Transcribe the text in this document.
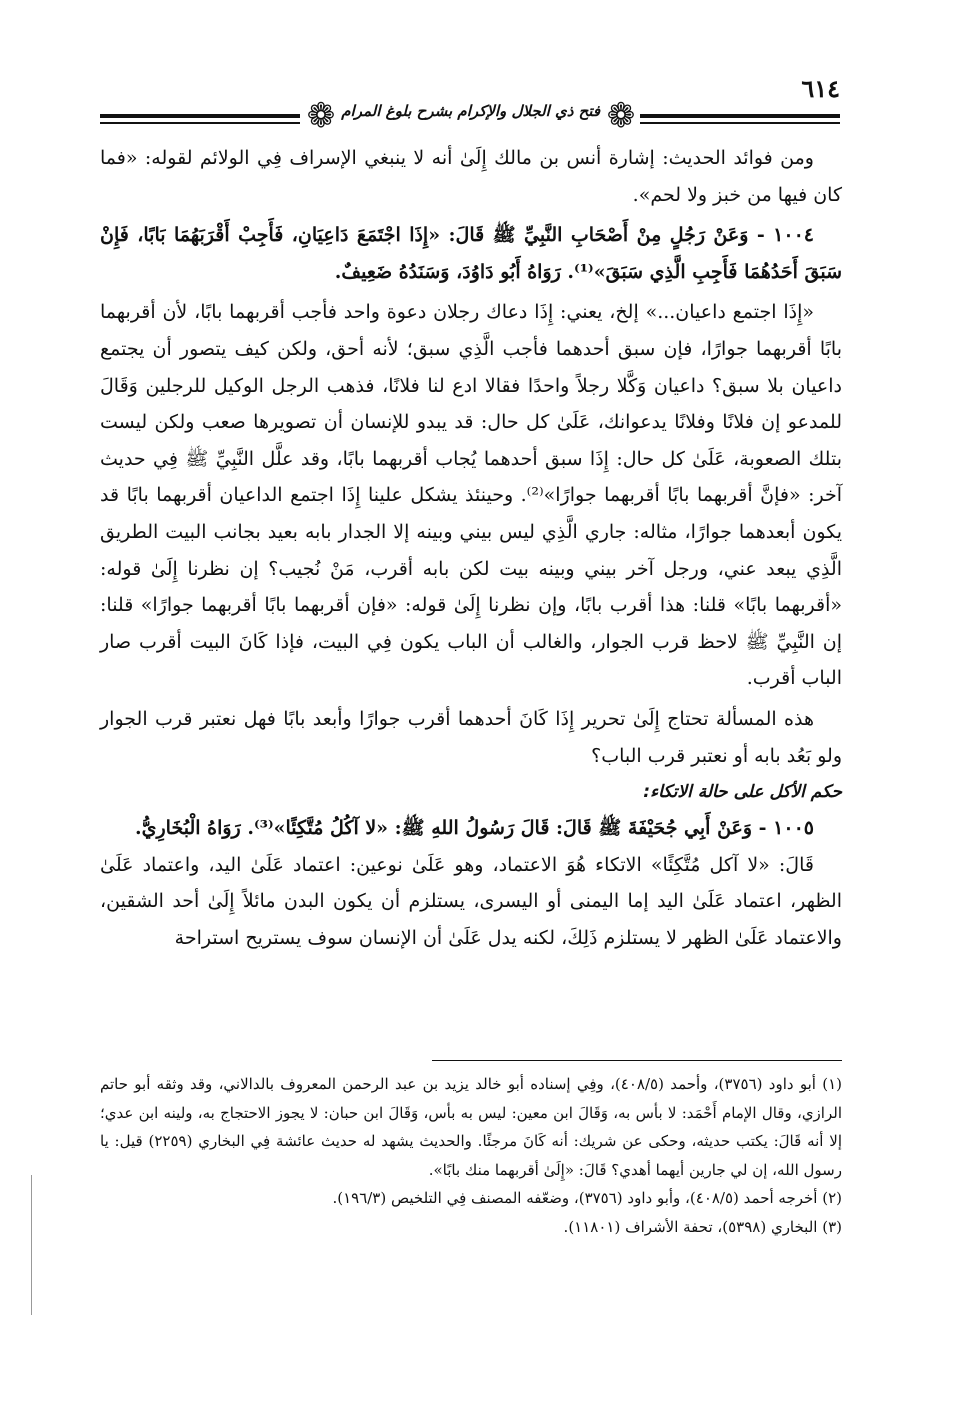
❁ فتح ذي الجلال والإكرام بشرح بلوغ المرام ❁
٦١٤

ومن فوائد الحديث: إشارة أنس بن مالك إِلَىٰ أنه لا ينبغي الإسراف فِي الولائم لقوله: «فما كان فيها من خبز ولا لحم».

١٠٠٤ - وَعَنْ رَجُلٍ مِنْ أَصْحَابِ النَّبِيِّ ﷺ قَالَ: «إِذَا اجْتَمَعَ دَاعِيَانِ، فَأَجِبْ أَقْرَبَهُمَا بَابًا، فَإِنْ سَبَقَ أَحَدُهُمَا فَأَجِبِ الَّذِي سَبَقَ»⁽¹⁾. رَوَاهُ أَبُو دَاوُدَ، وَسَنَدُهُ ضَعِيفٌ.

«إِذَا اجتمع داعيان...» إلخ، يعني: إِذَا دعاك رجلان دعوة واحد فأجب أقربهما بابًا، لأن أقربهما بابًا أقربهما جوارًا، فإن سبق أحدهما فأجب الَّذِي سبق؛ لأنه أحق، ولكن كيف يتصور أن يجتمع داعيان بلا سبق؟ داعيان وَكَّلا رجلاً واحدًا فقالا ادع لنا فلانًا، فذهب الرجل الوكيل للرجلين وَقَالَ للمدعو إن فلانًا وفلانًا يدعوانك، عَلَىٰ كل حال: قد يبدو للإنسان أن تصويرها صعب ولكن ليست بتلك الصعوبة، عَلَىٰ كل حال: إِذَا سبق أحدهما يُجاب أقربهما بابًا، وقد علَّل النَّبِيِّ ﷺ فِي حديث آخر: «فإنَّ أقربهما بابًا أقربهما جوارًا»⁽²⁾. وحينئذ يشكل علينا إِذَا اجتمع الداعيان أقربهما بابًا قد يكون أبعدهما جوارًا، مثاله: جاري الَّذِي ليس بيني وبينه إلا الجدار بابه بعيد بجانب البيت الطريق الَّذِي يبعد عني، ورجل آخر بيني وبينه بيت لكن بابه أقرب، مَنْ نُجيب؟ إن نظرنا إِلَىٰ قوله: «أقربهما بابًا» قلنا: هذا أقرب بابًا، وإن نظرنا إِلَىٰ قوله: «فإن أقربهما بابًا أقربهما جوارًا» قلنا: إن النَّبِيِّ ﷺ لاحظ قرب الجوار، والغالب أن الباب يكون فِي البيت، فإذا كَانَ البيت أقرب صار الباب أقرب.

هذه المسألة تحتاج إِلَىٰ تحرير إِذَا كَانَ أحدهما أقرب جوارًا وأبعد بابًا فهل نعتبر قرب الجوار ولو بَعُد بابه أو نعتبر قرب الباب؟

حكم الأكل على حالة الاتكاء:

١٠٠٥ - وَعَنْ أَبِي جُحَيْفَةَ ﷺ قَالَ: قَالَ رَسُولُ اللهِ ﷺ: «لا آكُلُ مُتَّكِئًا»⁽³⁾. رَوَاهُ الْبُخَارِيُّ.

قَالَ: «لا آكل مُتَّكِئًا» الاتكاء هُوَ الاعتماد، وهو عَلَىٰ نوعين: اعتماد عَلَىٰ اليد، واعتماد عَلَىٰ الظهر، اعتماد عَلَىٰ اليد إما اليمنى أو اليسرى، يستلزم أن يكون البدن مائلاً إِلَىٰ أحد الشقين، والاعتماد عَلَىٰ الظهر لا يستلزم ذَلِكَ، لكنه يدل عَلَىٰ أن الإنسان سوف يستريح استراحة

(١) أبو داود (٣٧٥٦)، وأحمد (٤٠٨/٥)، وفِي إسناده أبو خالد يزيد بن عبد الرحمن المعروف بالدالاني، وقد وثقه أبو حاتم الرازي، وقال الإمام أَحْمَد: لا بأس به، وَقَالَ ابن معين: ليس به بأس، وَقَالَ ابن حبان: لا يجوز الاحتجاج به، ولينه ابن عدي؛ إلا أنه قَالَ: يكتب حديثه، وحكى عن شريك: أنه كَانَ مرجئًا. والحديث يشهد له حديث عائشة فِي البخاري (٢٢٥٩) قيل: يا رسول الله، إن لي جارين أيهما أهدي؟ قَالَ: «إِلَىٰ أقربهما منك بابًا».

(٢) أخرجه أحمد (٤٠٨/٥)، وأبو داود (٣٧٥٦)، وضعّفه المصنف فِي التلخيص (١٩٦/٣).

(٣) البخاري (٥٣٩٨)، تحفة الأشراف (١١٨٠١).
